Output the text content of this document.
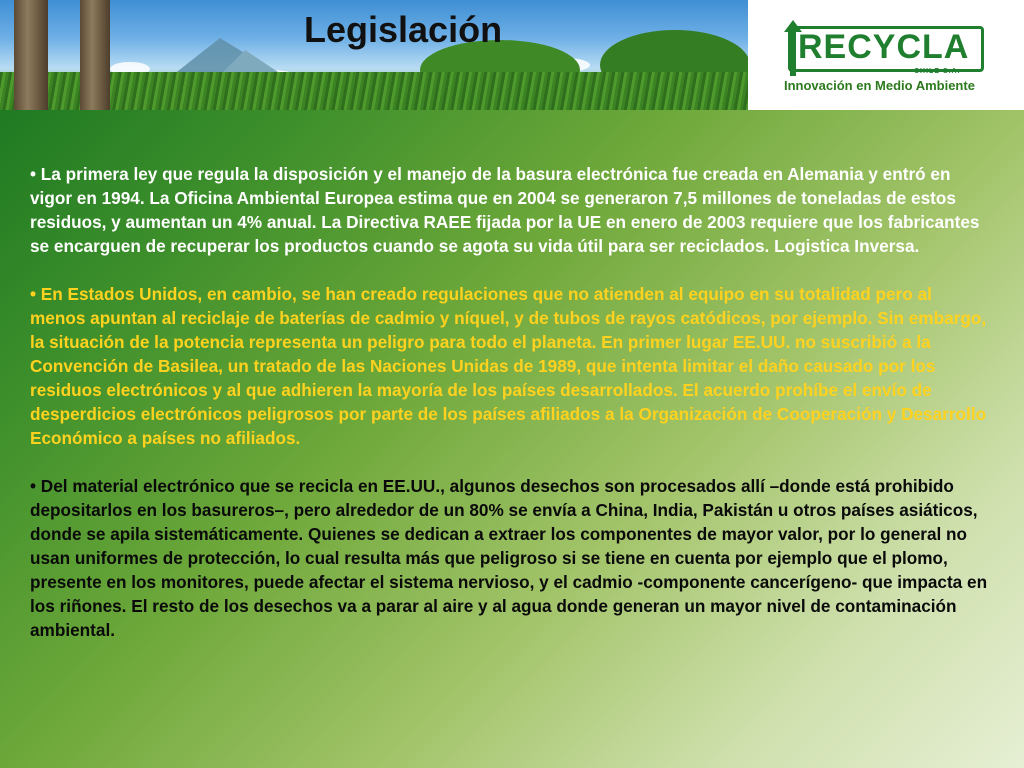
Legislación	RECYCLA
CHILE S.A.
Innovación en Medio Ambiente

• La primera ley que regula la disposición y el manejo de la basura electrónica fue creada en Alemania y entró en vigor en 1994. La Oficina Ambiental Europea estima que en 2004 se generaron 7,5 millones de toneladas de estos residuos, y aumentan un 4% anual. La Directiva RAEE fijada por la UE en enero de 2003 requiere que los fabricantes se encarguen de recuperar los productos cuando se agota su vida útil para ser reciclados. Logistica Inversa.

• En Estados Unidos, en cambio, se han creado regulaciones que no atienden al equipo en su totalidad pero al menos apuntan al reciclaje de baterías de cadmio y níquel, y de tubos de rayos catódicos, por ejemplo. Sin embargo, la situación de la potencia representa un peligro para todo el planeta. En primer lugar EE.UU. no suscribió a la Convención de Basilea, un tratado de las Naciones Unidas de 1989, que intenta limitar el daño causado por los residuos electrónicos y al que adhieren la mayoría de los países desarrollados. El acuerdo prohíbe el envío de desperdicios electrónicos peligrosos por parte de los países afiliados a la Organización de Cooperación y Desarrollo Económico a países no afiliados.

• Del material electrónico que se recicla en EE.UU., algunos desechos son procesados allí –donde está prohibido depositarlos en los basureros–, pero alrededor de un 80% se envía a China, India, Pakistán u otros países asiáticos, donde se apila sistemáticamente. Quienes se dedican a extraer los componentes de mayor valor, por lo general no usan uniformes de protección, lo cual resulta más que peligroso si se tiene en cuenta por ejemplo que el plomo, presente en los monitores, puede afectar el sistema nervioso, y el cadmio -componente cancerígeno- que impacta en los riñones. El resto de los desechos va a parar al aire y al agua donde generan un mayor nivel de contaminación ambiental.
